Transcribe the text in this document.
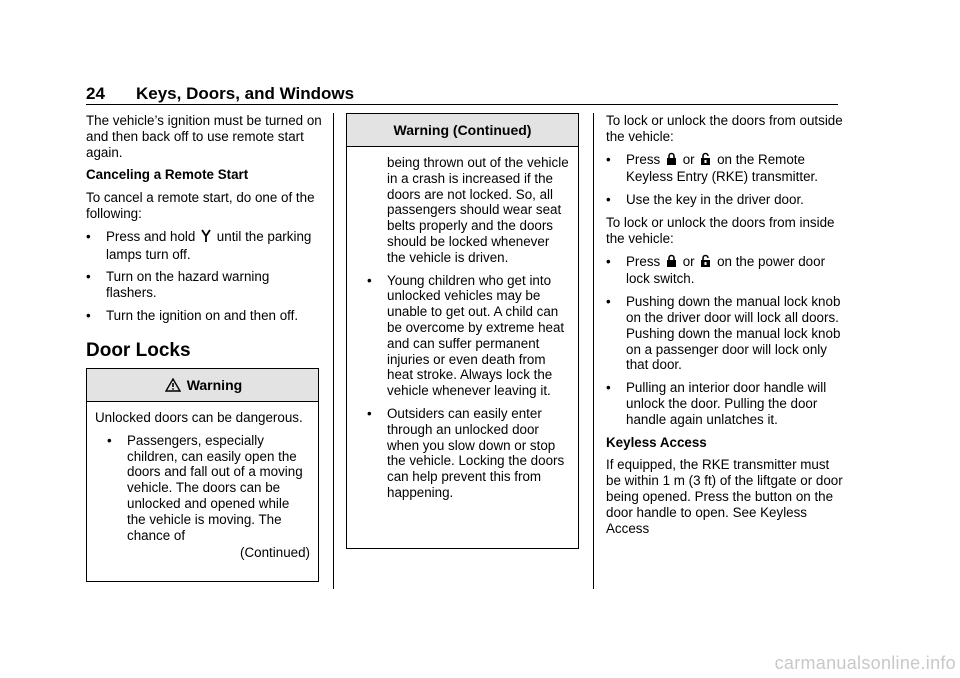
24 Keys, Doors, and Windows

The vehicle’s ignition must be turned on and then back off to use remote start again.

Canceling a Remote Start

To cancel a remote start, do one of the following:

• Press and hold until the parking lamps turn off.
• Turn on the hazard warning flashers.
• Turn the ignition on and then off.
Door Locks
Warning

Unlocked doors can be dangerous.

• Passengers, especially children, can easily open the doors and fall out of a moving vehicle. The doors can be unlocked and opened while the vehicle is moving. The chance of
(Continued)
Warning (Continued)

being thrown out of the vehicle in a crash is increased if the doors are not locked. So, all passengers should wear seat belts properly and the doors should be locked whenever the vehicle is driven.

• Young children who get into unlocked vehicles may be unable to get out. A child can be overcome by extreme heat and can suffer permanent injuries or even death from heat stroke. Always lock the vehicle whenever leaving it.
• Outsiders can easily enter through an unlocked door when you slow down or stop the vehicle. Locking the doors can help prevent this from happening.

To lock or unlock the doors from outside the vehicle:

• Press or on the Remote Keyless Entry (RKE) transmitter.
• Use the key in the driver door.

To lock or unlock the doors from inside the vehicle:

• Press or on the power door lock switch.
• Pushing down the manual lock knob on the driver door will lock all doors. Pushing down the manual lock knob on a passenger door will lock only that door.
• Pulling an interior door handle will unlock the door. Pulling the door handle again unlatches it.

Keyless Access

If equipped, the RKE transmitter must be within 1 m (3 ft) of the liftgate or door being opened. Press the button on the door handle to open. See Keyless Access

carmanualsonline.info
